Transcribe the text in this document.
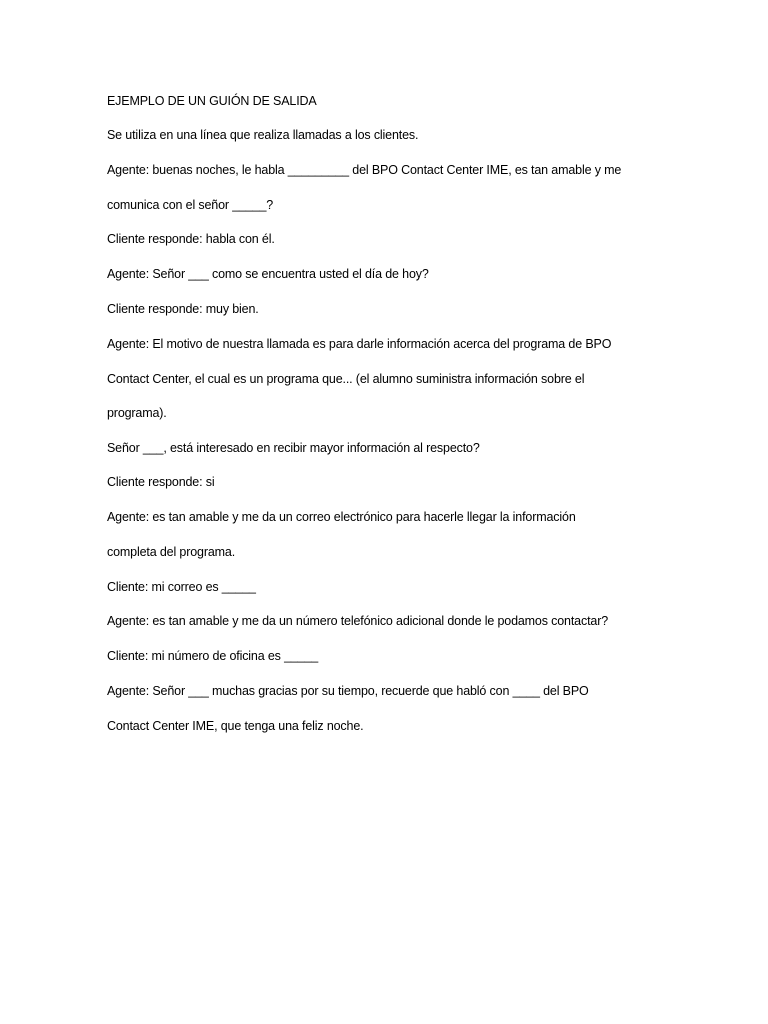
EJEMPLO DE UN GUIÓN DE SALIDA
Se utiliza en una línea que realiza llamadas a los clientes.
Agente: buenas noches, le habla _________ del BPO Contact Center IME, es tan amable y me
comunica con el señor _____?
Cliente responde: habla con él.
Agente: Señor ___ como se encuentra usted el día de hoy?
Cliente responde: muy bien.
Agente: El motivo de nuestra llamada es para darle información acerca del programa de BPO
Contact Center, el cual es un programa que... (el alumno suministra información sobre el
programa).
Señor ___, está interesado en recibir mayor información al respecto?
Cliente responde: si
Agente: es tan amable y me da un correo electrónico para hacerle llegar la información
completa del programa.
Cliente: mi correo es _____
Agente: es tan amable y me da un número telefónico adicional donde le podamos contactar?
Cliente: mi número de oficina es _____
Agente: Señor ___ muchas gracias por su tiempo, recuerde que habló con ____ del BPO
Contact Center IME, que tenga una feliz noche.
